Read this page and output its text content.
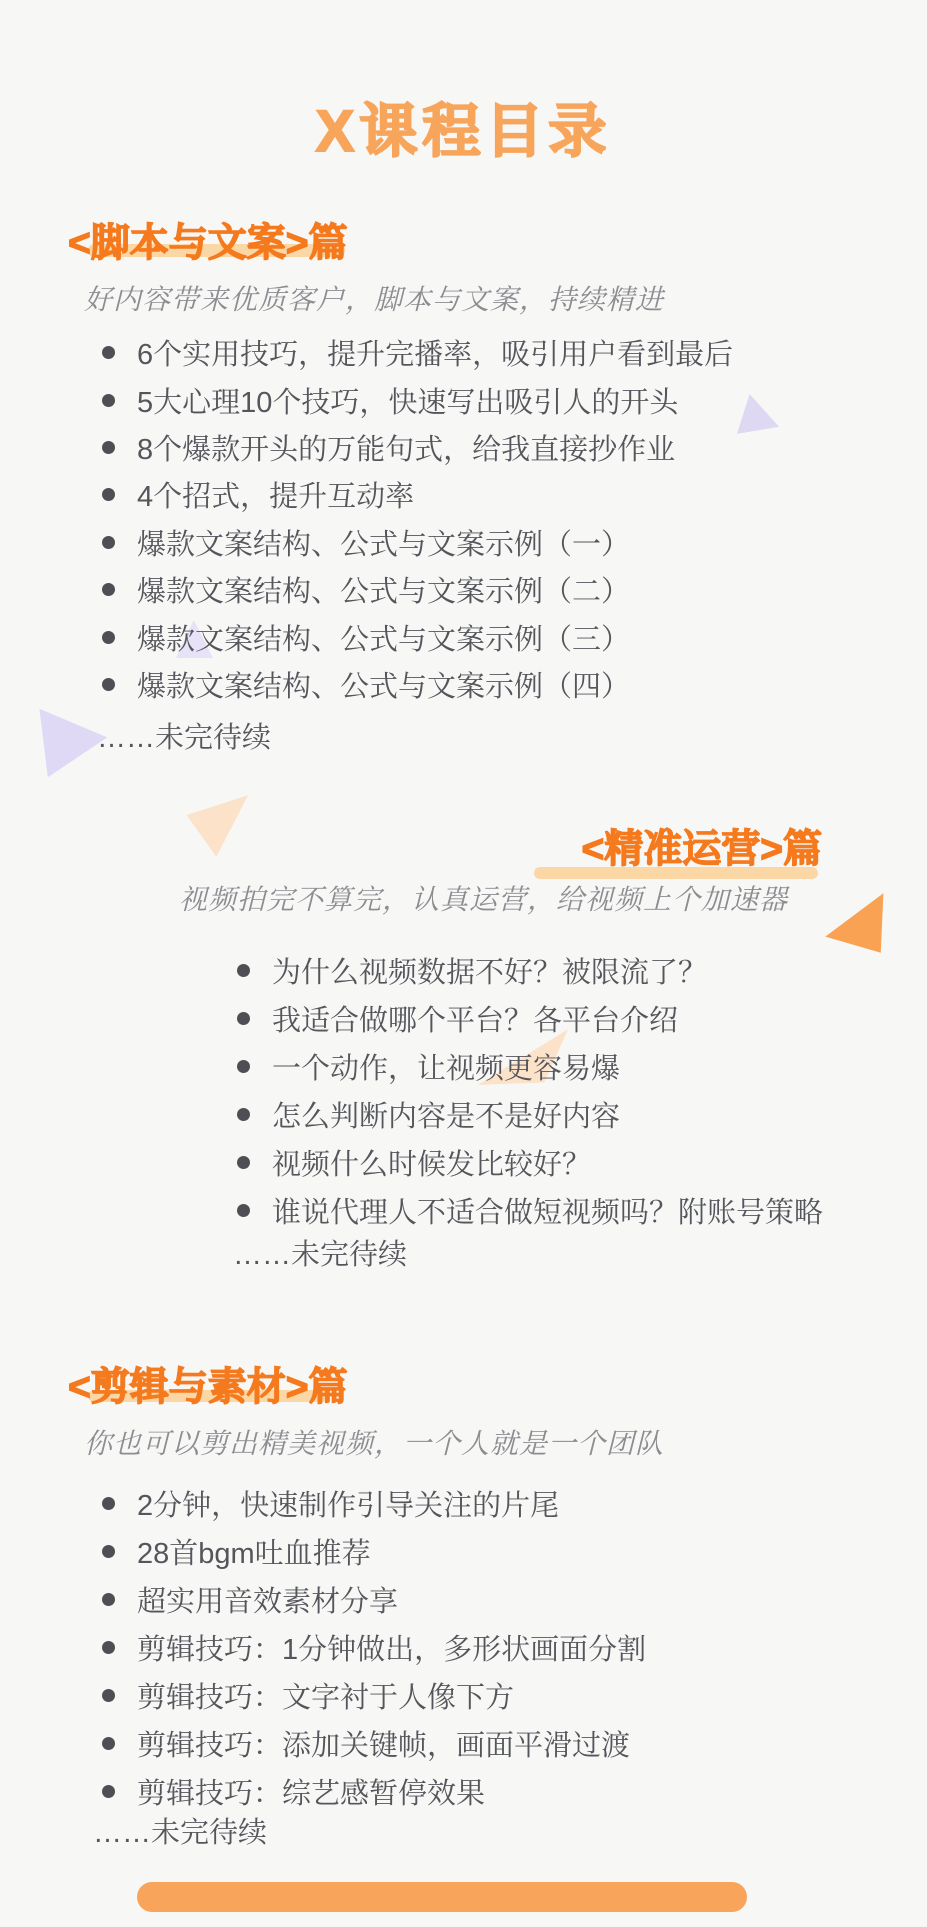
X课程目录
<脚本与文案>篇
好内容带来优质客户，脚本与文案，持续精进
6个实用技巧，提升完播率，吸引用户看到最后
5大心理10个技巧，快速写出吸引人的开头
8个爆款开头的万能句式，给我直接抄作业
4个招式，提升互动率
爆款文案结构、公式与文案示例（一）
爆款文案结构、公式与文案示例（二）
爆款文案结构、公式与文案示例（三）
爆款文案结构、公式与文案示例（四）
……未完待续
<精准运营>篇
视频拍完不算完，认真运营，给视频上个加速器
为什么视频数据不好？被限流了？
我适合做哪个平台？各平台介绍
一个动作，让视频更容易爆
怎么判断内容是不是好内容
视频什么时候发比较好？
谁说代理人不适合做短视频吗？附账号策略
……未完待续
<剪辑与素材>篇
你也可以剪出精美视频，一个人就是一个团队
2分钟，快速制作引导关注的片尾
28首bgm吐血推荐
超实用音效素材分享
剪辑技巧：1分钟做出，多形状画面分割
剪辑技巧：文字衬于人像下方
剪辑技巧：添加关键帧，画面平滑过渡
剪辑技巧：综艺感暂停效果
……未完待续
